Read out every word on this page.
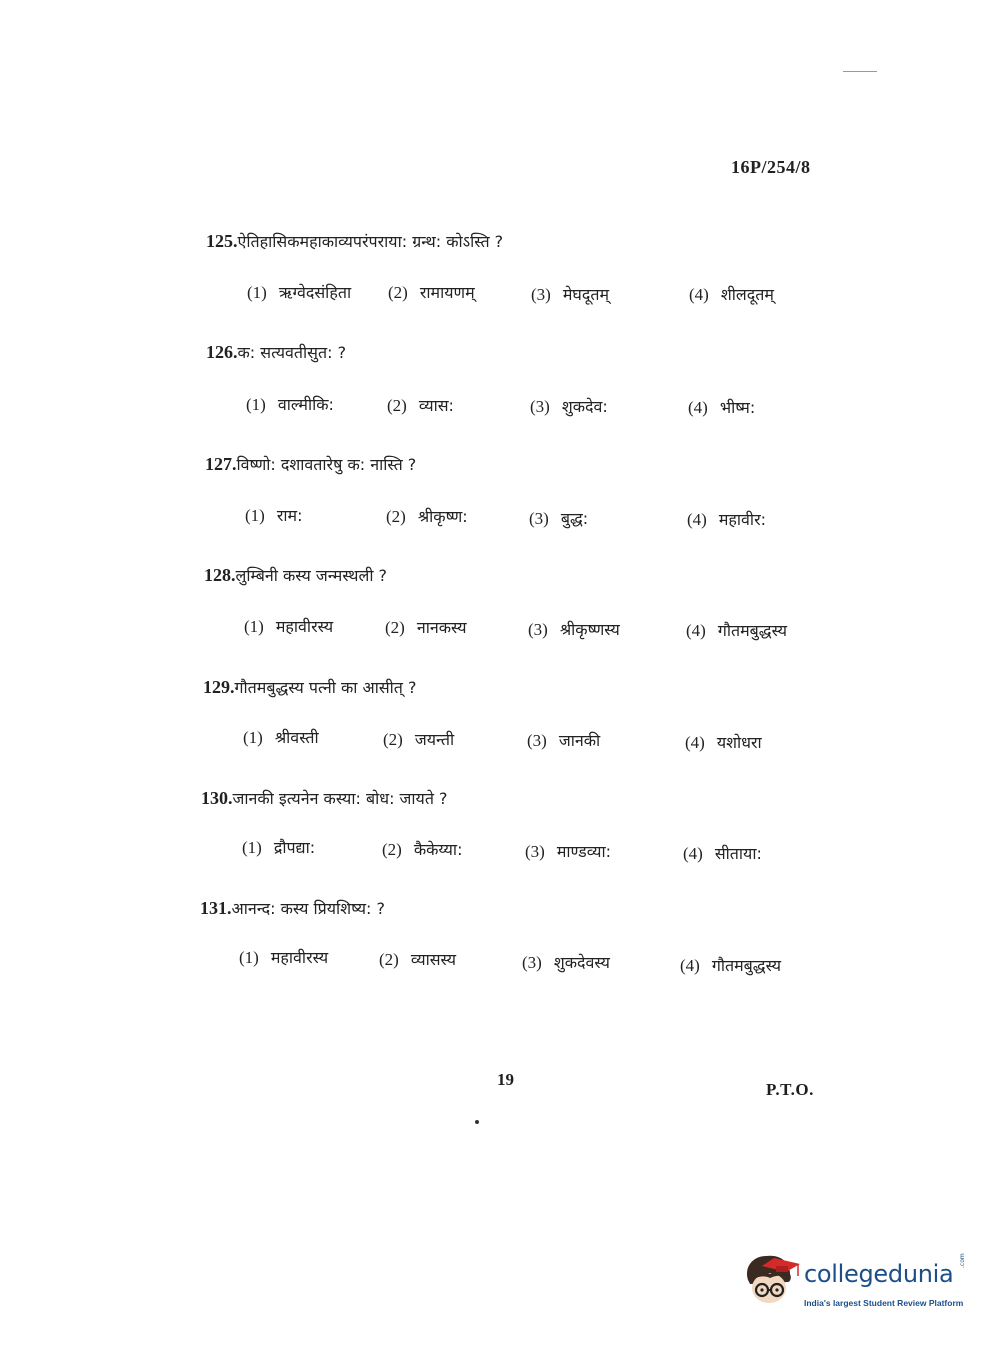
16P/254/8
125.ऐतिहासिकमहाकाव्यपरंपराया: ग्रन्थ: कोऽस्ति ?
(1) ऋग्वेदसंहिता (2) रामायणम्	(3) मेघदूतम्	(4) शीलदूतम्
126.क: सत्यवतीसुत: ?
(1) वाल्मीकि:	(2) व्यास:	(3) शुकदेव:	(4) भीष्म:
127.विष्णो: दशावतारेषु क: नास्ति ?
(1) राम:	(2) श्रीकृष्ण:	(3) बुद्ध:	(4) महावीर:
128.लुम्बिनी कस्य जन्मस्थली ?
(1) महावीरस्य	(2) नानकस्य	(3) श्रीकृष्णस्य	(4) गौतमबुद्धस्य
129.गौतमबुद्धस्य पत्नी का आसीत् ?
(1) श्रीवस्ती	(2) जयन्ती	(3) जानकी	(4) यशोधरा
130.जानकी इत्यनेन कस्या: बोध: जायते ?
(1) द्रौपद्या:	(2) कैकेय्या:	(3) माण्डव्या:	(4) सीताया:
131.आनन्द: कस्य प्रियशिष्य: ?
(1) महावीरस्य	(2) व्यासस्य	(3) शुकदेवस्य	(4) गौतमबुद्धस्य
19
P.T.O.
collegedunia .com
India's largest Student Review Platform
